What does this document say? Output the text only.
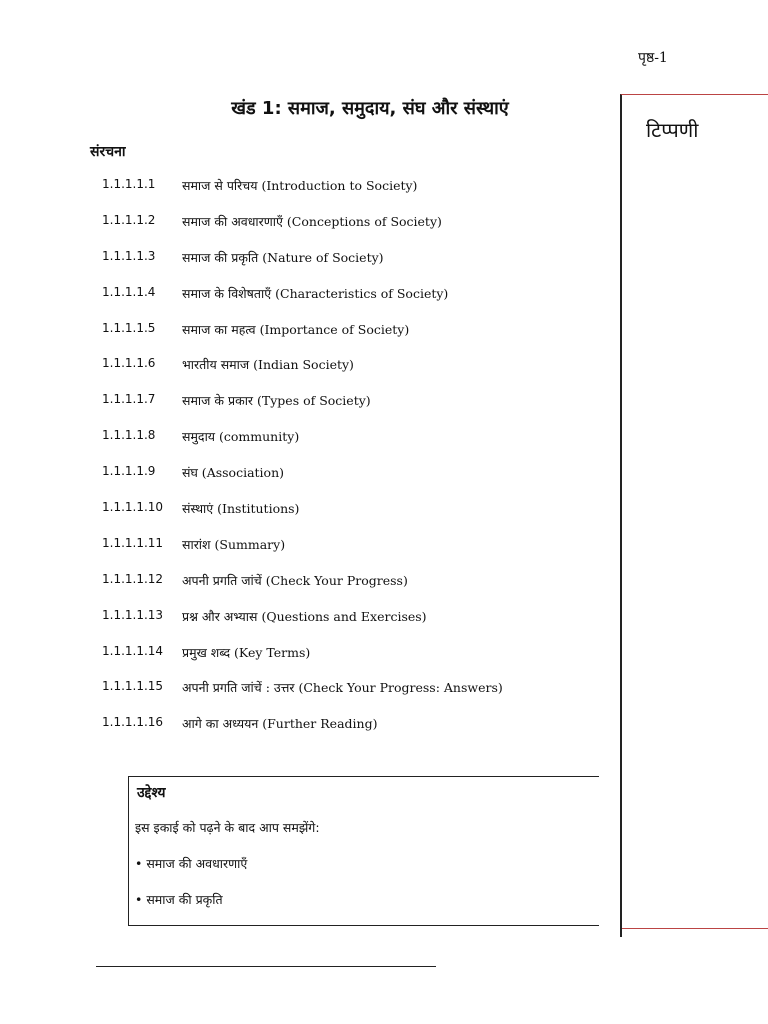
पृष्ठ-1
खंड 1: समाज, समुदाय, संघ और संस्थाएं
संरचना
1.1.1.1.1	समाज से परिचय (Introduction to Society)
1.1.1.1.2	समाज की अवधारणाएँ (Conceptions of Society)
1.1.1.1.3	समाज की प्रकृति (Nature of Society)
1.1.1.1.4	समाज के विशेषताएँ (Characteristics of Society)
1.1.1.1.5	समाज का महत्व (Importance of Society)
1.1.1.1.6	भारतीय समाज (Indian Society)
1.1.1.1.7	समाज के प्रकार (Types of Society)
1.1.1.1.8	समुदाय (community)
1.1.1.1.9	संघ (Association)
1.1.1.1.10	संस्थाएं (Institutions)
1.1.1.1.11	सारांश (Summary)
1.1.1.1.12	अपनी प्रगति जांचें (Check Your Progress)
1.1.1.1.13	प्रश्न और अभ्यास (Questions and Exercises)
1.1.1.1.14	प्रमुख शब्द (Key Terms)
1.1.1.1.15	अपनी प्रगति जांचें : उत्तर (Check Your Progress: Answers)
1.1.1.1.16	आगे का अध्ययन (Further Reading)
टिप्पणी
उद्देश्य
इस इकाई को पढ़ने के बाद आप समझेंगे:
• समाज की अवधारणाएँ
• समाज की प्रकृति
